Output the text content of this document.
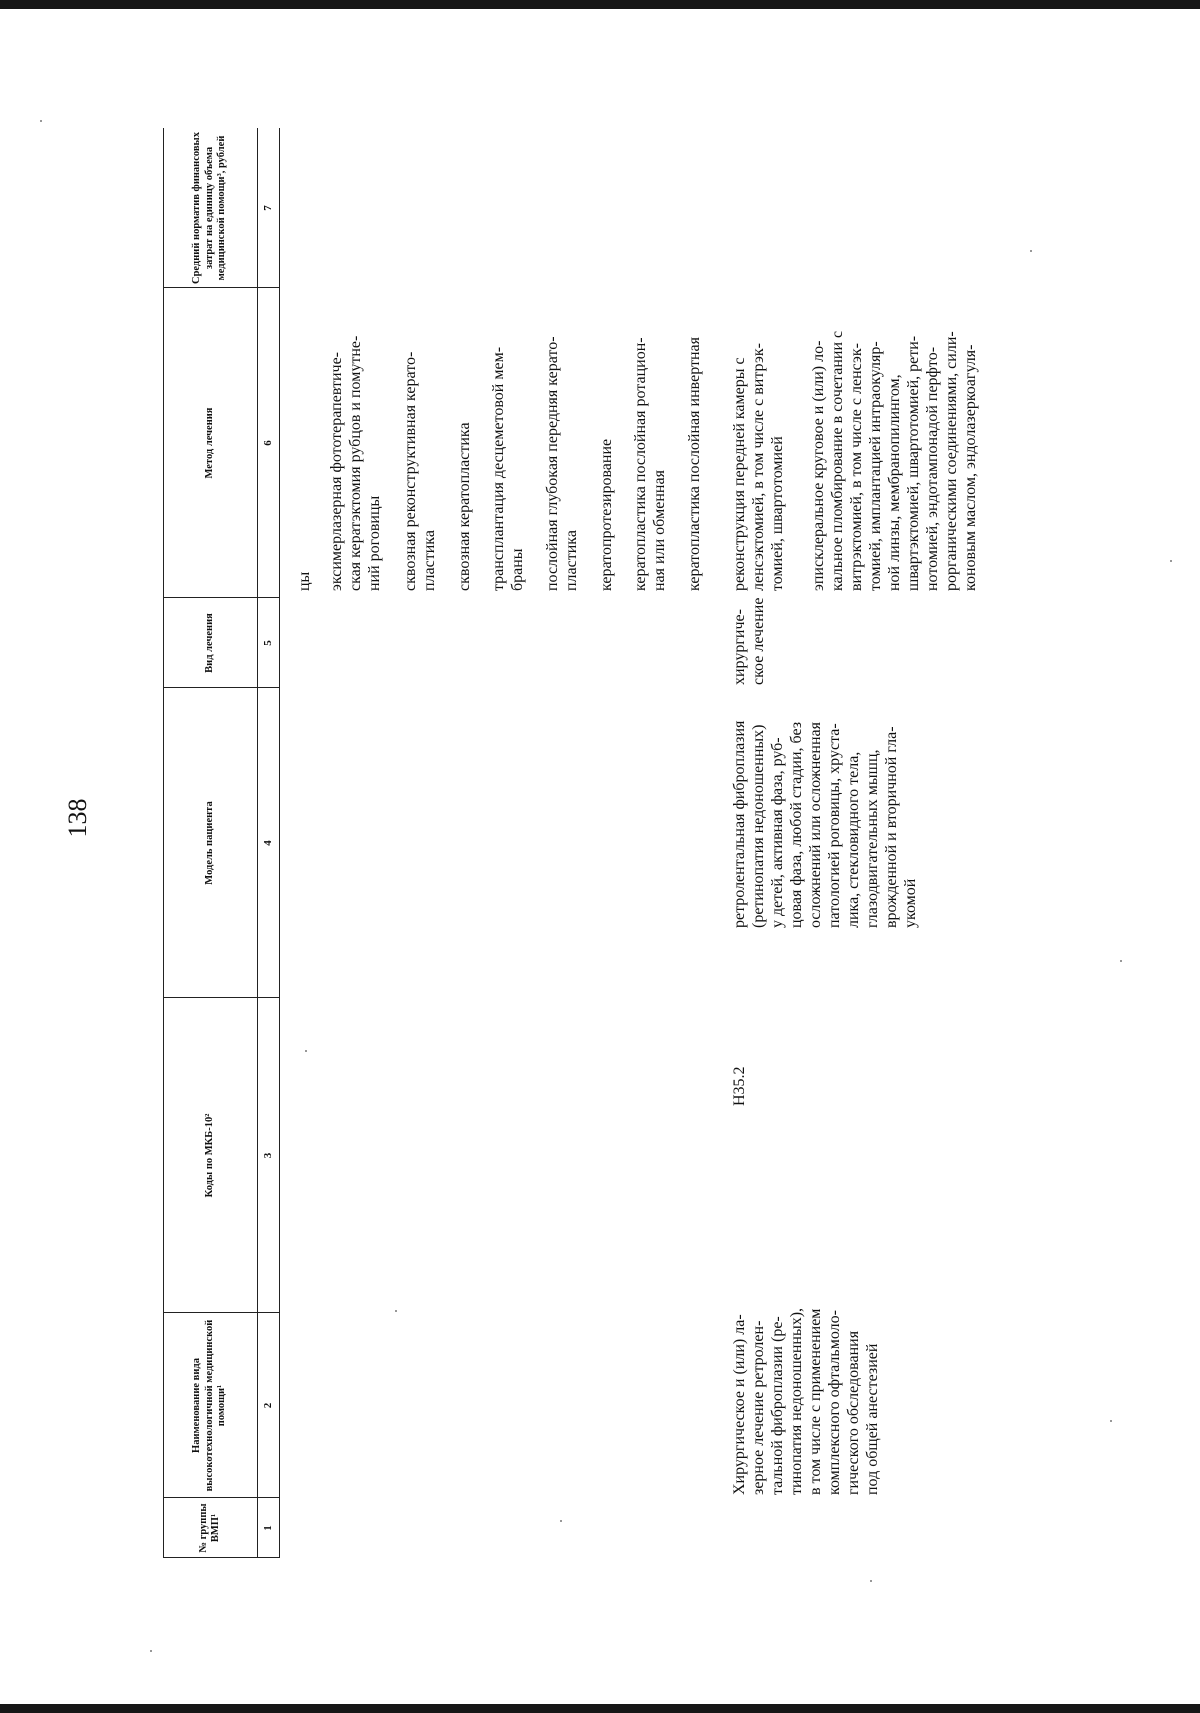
138
№ группы ВМП¹
Наименование вида высокотехнологичной медицинской помощи¹
Коды по МКБ-10²
Модель пациента
Вид лечения
Метод лечения
Средний норматив финансовых затрат на единицу объема медицинской помощи³, рублей
1
2
3
4
5
6
7
цы эксимерлазерная фототерапевтиче-
ская кератэктомия рубцов и помутне-
ний роговицы сквозная реконструктивная керато-
пластика сквозная кератопластика трансплантация десцеметовой мем-
браны послойная глубокая передняя керато-
пластика кератопротезирование кератопластика послойная ротацион-
ная или обменная кератопластика послойная инвертная
Хирургическое и (или) ла-
зерное лечение ретролен-
тальной фиброплазии (ре-
тинопатия недоношенных),
в том числе с применением
комплексного офтальмоло-
гического обследования
под общей анестезией
H35.2
ретролентальная фиброплазия
(ретинопатия недоношенных)
у детей, активная фаза, руб-
цовая фаза, любой стадии, без
осложнений или осложненная
патологией роговицы, хруста-
лика, стекловидного тела,
глазодвигательных мышц,
врожденной и вторичной гла-
укомой
хирургиче-
ское лечение
реконструкция передней камеры с
ленсэктомией, в том числе с витрэк-
томией, швартотомией эписклеральное круговое и (или) ло-
кальное пломбирование в сочетании с
витрэктомией, в том числе с ленсэк-
томией, имплантацией интраокуляр-
ной линзы, мембранопилингом,
швартэктомией, швартотомией, рети-
нотомией, эндотампонадой перфто-
рорганическими соединениями, сили-
коновым маслом, эндолазеркоагуля-
